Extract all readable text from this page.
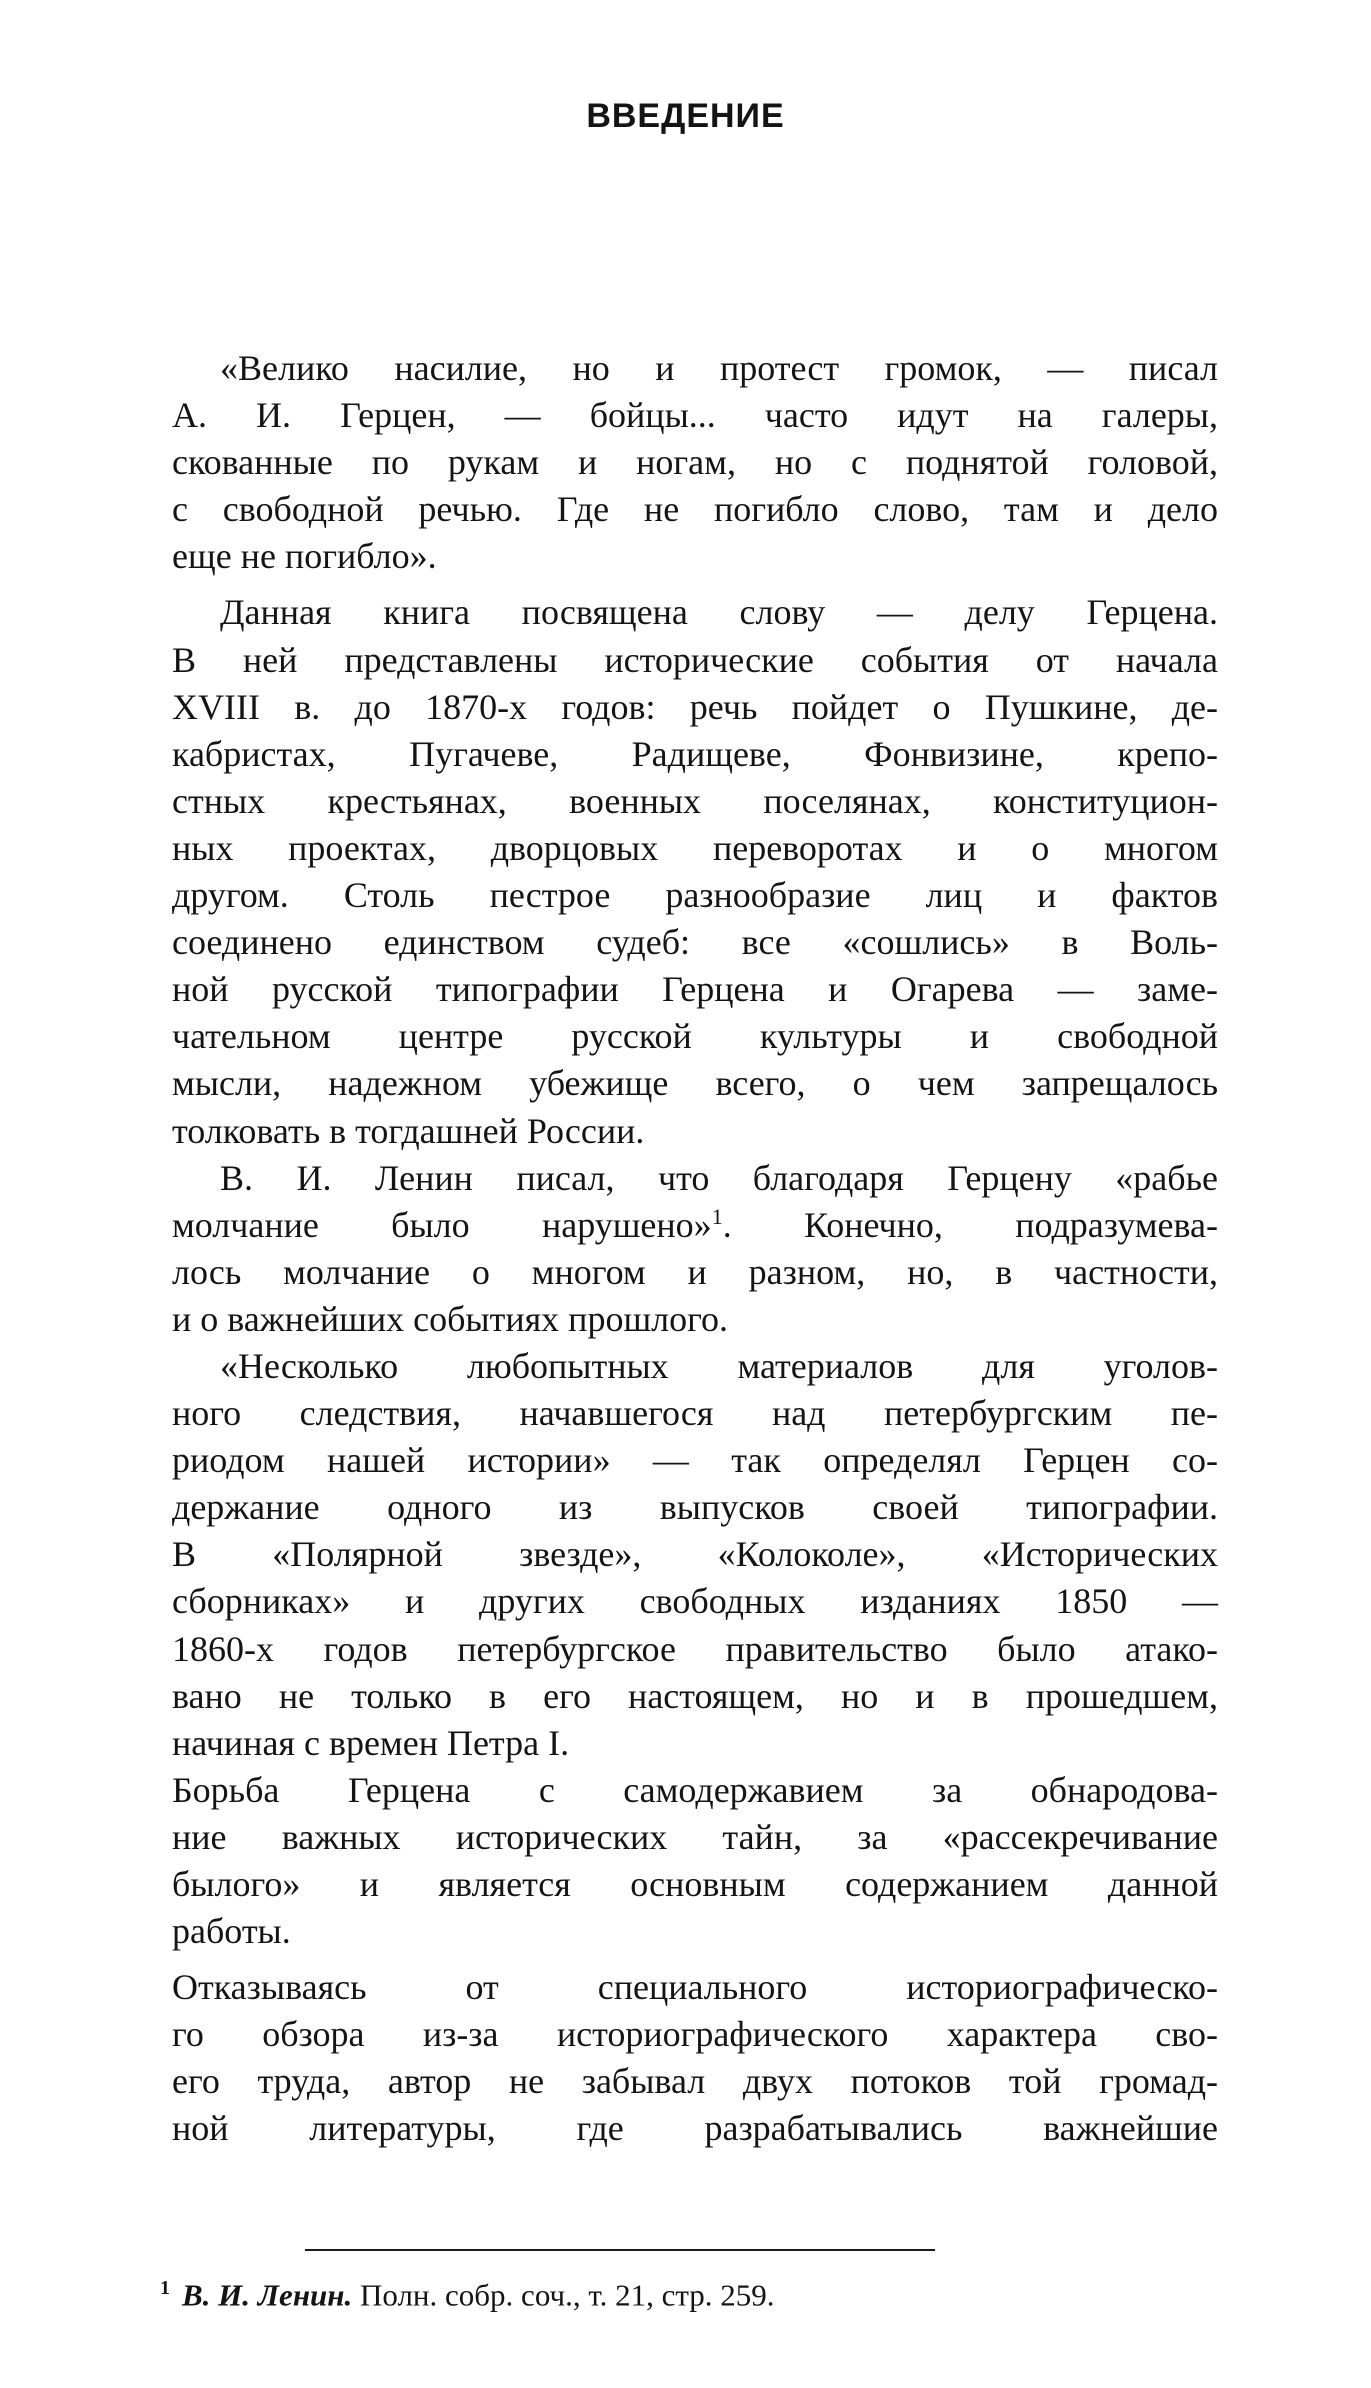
ВВЕДЕНИЕ
«Велико насилие, но и протест громок, — писал
А. И. Герцен, — бойцы... часто идут на галеры,
скованные по рукам и ногам, но с поднятой головой,
с свободной речью. Где не погибло слово, там и дело
еще не погибло».
Данная книга посвящена слову — делу Герцена.
В ней представлены исторические события от начала
XVIII в. до 1870-х годов: речь пойдет о Пушкине, де-
кабристах, Пугачеве, Радищеве, Фонвизине, крепо-
стных крестьянах, военных поселянах, конституцион-
ных проектах, дворцовых переворотах и о многом
другом. Столь пестрое разнообразие лиц и фактов
соединено единством судеб: все «сошлись» в Воль-
ной русской типографии Герцена и Огарева — заме-
чательном центре русской культуры и свободной
мысли, надежном убежище всего, о чем запрещалось
толковать в тогдашней России.
В. И. Ленин писал, что благодаря Герцену «рабье
молчание было нарушено»$^1$. Конечно, подразумева-
лось молчание о многом и разном, но, в частности,
и о важнейших событиях прошлого.
«Несколько любопытных материалов для уголов-
ного следствия, начавшегося над петербургским пе-
риодом нашей истории» — так определял Герцен со-
держание одного из выпусков своей типографии.
В «Полярной звезде», «Колоколе», «Исторических
сборниках» и других свободных изданиях 1850 —
1860-х годов петербургское правительство было атако-
вано не только в его настоящем, но и в прошедшем,
начиная с времен Петра I.
Борьба Герцена с самодержавием за обнародова-
ние важных исторических тайн, за «рассекречивание
былого» и является основным содержанием данной
работы.
Отказываясь от специального историографическо-
го обзора из-за историографического характера сво-
его труда, автор не забывал двух потоков той громад-
ной литературы, где разрабатывались важнейшие
$^1$ В. И. Ленин. Полн. собр. соч., т. 21, стр. 259.
